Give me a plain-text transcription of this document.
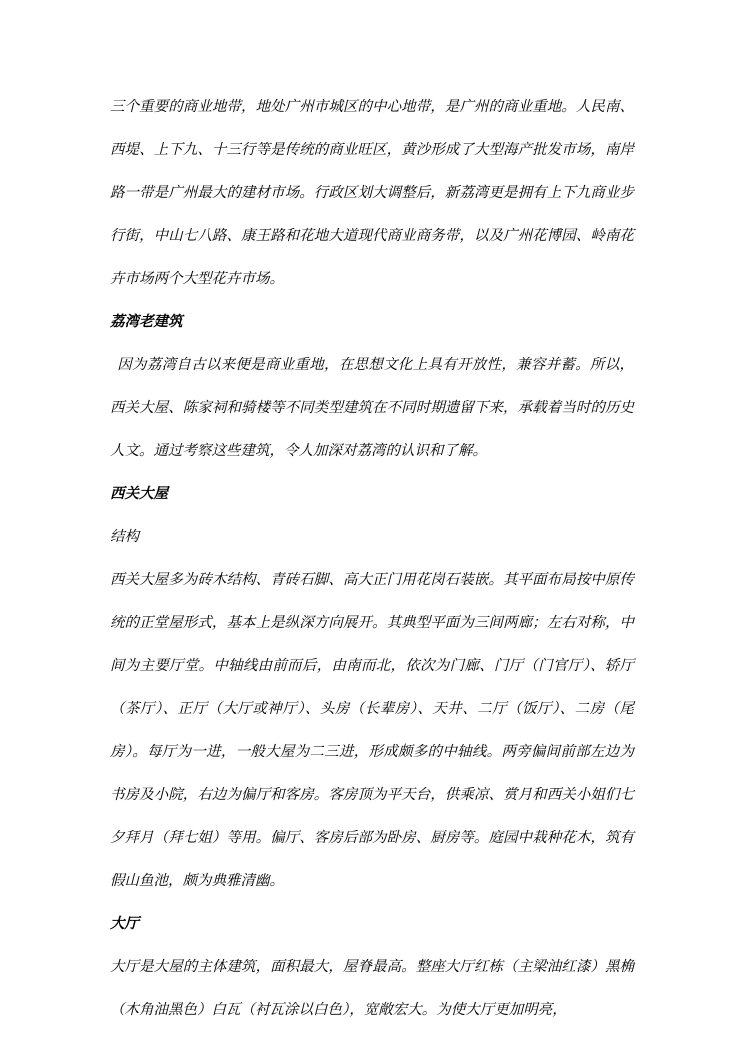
三个重要的商业地带，地处广州市城区的中心地带，是广州的商业重地。人民南、西堤、上下九、十三行等是传统的商业旺区，黄沙形成了大型海产批发市场，南岸路一带是广州最大的建材市场。行政区划大调整后，新荔湾更是拥有上下九商业步行街，中山七八路、康王路和花地大道现代商业商务带，以及广州花博园、岭南花卉市场两个大型花卉市场。

荔湾老建筑

因为荔湾自古以来便是商业重地，在思想文化上具有开放性，兼容并蓄。所以，西关大屋、陈家祠和骑楼等不同类型建筑在不同时期遗留下来，承载着当时的历史人文。通过考察这些建筑，令人加深对荔湾的认识和了解。

西关大屋

结构

西关大屋多为砖木结构、青砖石脚、高大正门用花岗石装嵌。其平面布局按中原传统的正堂屋形式，基本上是纵深方向展开。其典型平面为三间两廊；左右对称，中间为主要厅堂。中轴线由前而后，由南而北，依次为门廊、门厅（门官厅）、轿厅（茶厅）、正厅（大厅或神厅）、头房（长辈房）、天井、二厅（饭厅）、二房（尾房）。每厅为一进，一般大屋为二三进，形成颇多的中轴线。两旁偏间前部左边为书房及小院，右边为偏厅和客房。客房顶为平天台，供乘凉、赏月和西关小姐们七夕拜月（拜七姐）等用。偏厅、客房后部为卧房、厨房等。庭园中栽种花木，筑有假山鱼池，颇为典雅清幽。

大厅

大厅是大屋的主体建筑，面积最大，屋脊最高。整座大厅红栋（主梁油红漆）黑桷（木角油黑色）白瓦（衬瓦涂以白色），宽敞宏大。为使大厅更加明亮，
